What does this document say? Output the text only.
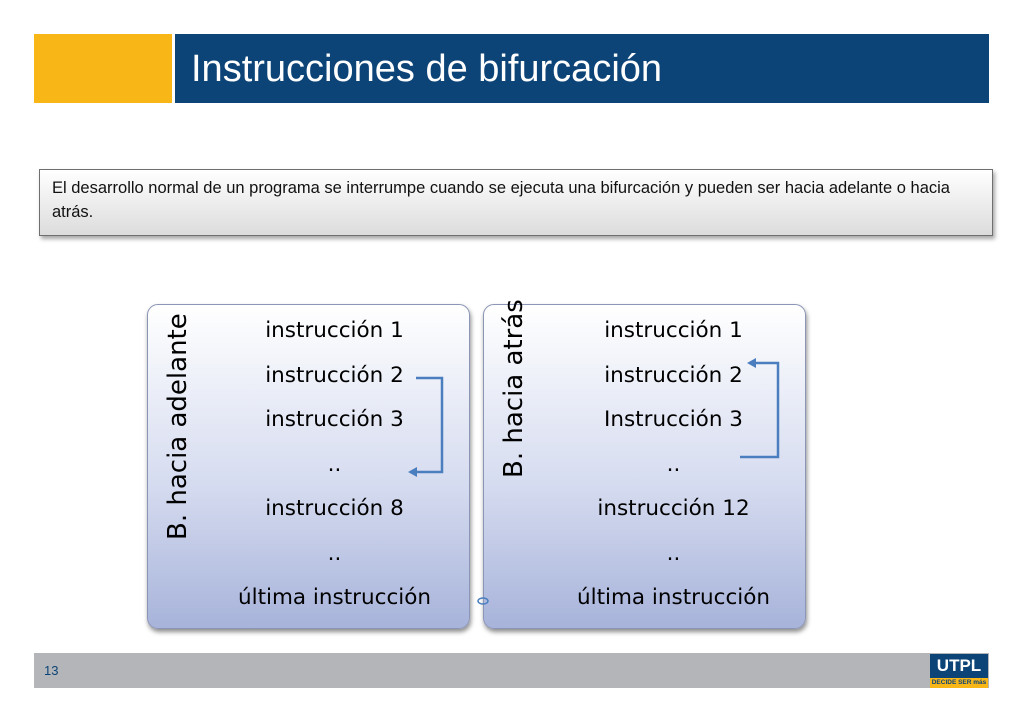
Instrucciones de bifurcación
El desarrollo normal de un programa se interrumpe cuando se ejecuta una bifurcación y pueden ser hacia adelante o hacia atrás.
B. hacia adelante	instrucción 1
instrucción 2
instrucción 3
..
instrucción 8
..
última instrucción
B. hacia atrás	instrucción 1
instrucción 2
Instrucción 3
..
instrucción 12
..
última instrucción
13	UTPL
DECIDE SER más
